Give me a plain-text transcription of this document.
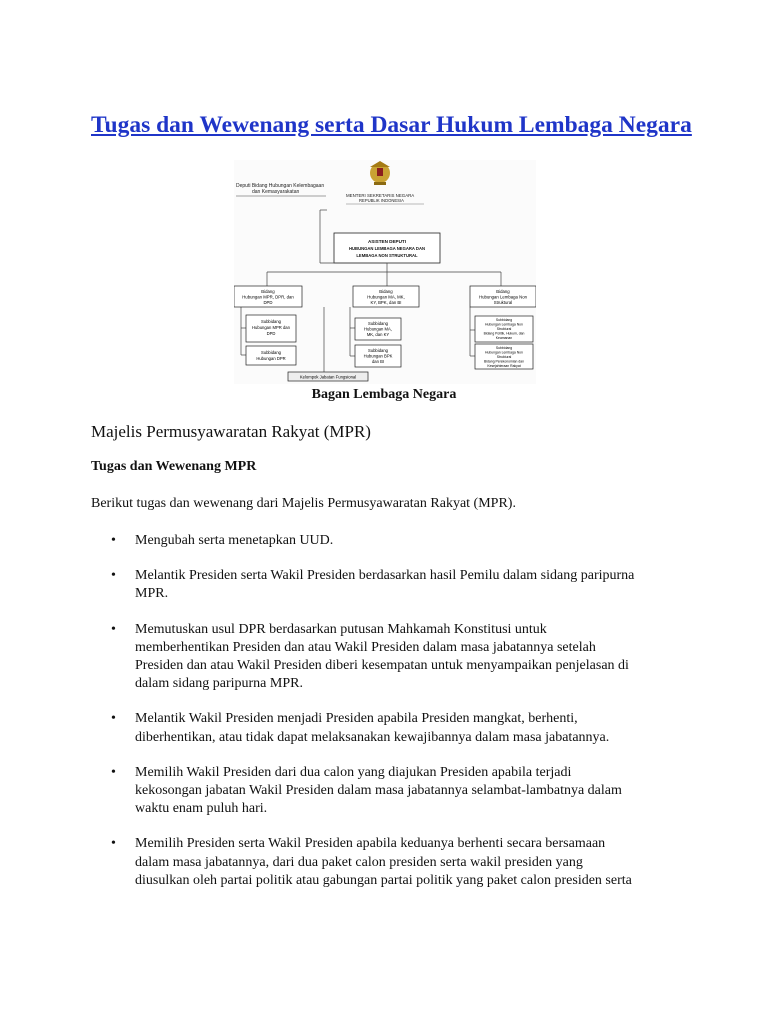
Tugas dan Wewenang serta Dasar Hukum Lembaga Negara
Deputi Bidang Hubungan Kelembagaan
dan Kemasyarakatan
MENTERI SEKRETARIS NEGARA
REPUBLIK INDONESIA
ASISTEN DEPUTI
HUBUNGAN LEMBAGA NEGARA DAN
LEMBAGA NON STRUKTURAL
Bidang
Hubungan MPR, DPR, dan
DPD
Bidang
Hubungan MA, MK,
KY, BPK, dan BI
Bidang
Hubungan Lembaga Non
Struktural
Subbidang
Hubungan MPR dan
DPD
Subbidang
Hubungan DPR
Subbidang
Hubungan MA,
MK, dan KY
Subbidang
Hubungan BPK
dan BI
Subbidang
Hubungan Lembaga Non
Struktural
Bidang Politik, Hukum, dan
Keamanan
Subbidang
Hubungan Lembaga Non
Struktural
Bidang Perekonomian dan
Kesejahteraan Rakyat
Kelompok Jabatan Fungsional
Bagan Lembaga Negara
Majelis Permusyawaratan Rakyat (MPR)
Tugas dan Wewenang MPR
Berikut tugas dan wewenang dari Majelis Permusyawaratan Rakyat (MPR).
• Mengubah serta menetapkan UUD.
• Melantik Presiden serta Wakil Presiden berdasarkan hasil Pemilu dalam sidang paripurna
MPR.
• Memutuskan usul DPR berdasarkan putusan Mahkamah Konstitusi untuk
memberhentikan Presiden dan atau Wakil Presiden dalam masa jabatannya setelah
Presiden dan atau Wakil Presiden diberi kesempatan untuk menyampaikan penjelasan di
dalam sidang paripurna MPR.
• Melantik Wakil Presiden menjadi Presiden apabila Presiden mangkat, berhenti,
diberhentikan, atau tidak dapat melaksanakan kewajibannya dalam masa jabatannya.
• Memilih Wakil Presiden dari dua calon yang diajukan Presiden apabila terjadi
kekosongan jabatan Wakil Presiden dalam masa jabatannya selambat-lambatnya dalam
waktu enam puluh hari.
• Memilih Presiden serta Wakil Presiden apabila keduanya berhenti secara bersamaan
dalam masa jabatannya, dari dua paket calon presiden serta wakil presiden yang
diusulkan oleh partai politik atau gabungan partai politik yang paket calon presiden serta
